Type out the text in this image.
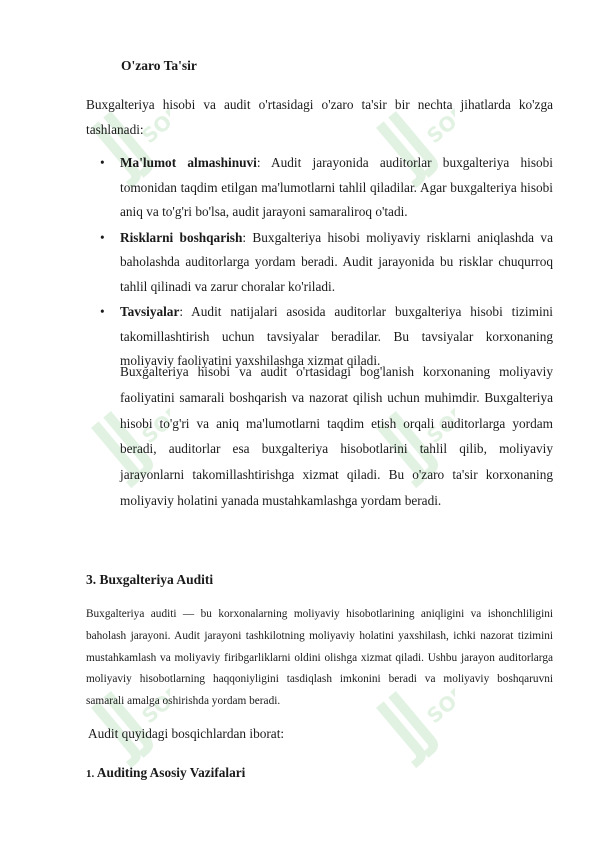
SOFF	SOFF
SOFF	SOFF
SOFF	SOFF
O'zaro Ta'sir
Buxgalteriya hisobi va audit o'rtasidagi o'zaro ta'sir bir nechta jihatlarda ko'zga tashlanadi:
• Ma'lumot almashinuvi: Audit jarayonida auditorlar buxgalteriya hisobi tomonidan taqdim etilgan ma'lumotlarni tahlil qiladilar. Agar buxgalteriya hisobi aniq va to'g'ri bo'lsa, audit jarayoni samaraliroq o'tadi.
• Risklarni boshqarish: Buxgalteriya hisobi moliyaviy risklarni aniqlashda va baholashda auditorlarga yordam beradi. Audit jarayonida bu risklar chuqurroq tahlil qilinadi va zarur choralar ko'riladi.
• Tavsiyalar: Audit natijalari asosida auditorlar buxgalteriya hisobi tizimini takomillashtirish uchun tavsiyalar beradilar. Bu tavsiyalar korxonaning moliyaviy faoliyatini yaxshilashga xizmat qiladi.
Buxgalteriya hisobi va audit o'rtasidagi bog'lanish korxonaning moliyaviy faoliyatini samarali boshqarish va nazorat qilish uchun muhimdir. Buxgalteriya hisobi to'g'ri va aniq ma'lumotlarni taqdim etish orqali auditorlarga yordam beradi, auditorlar esa buxgalteriya hisobotlarini tahlil qilib, moliyaviy jarayonlarni takomillashtirishga xizmat qiladi. Bu o'zaro ta'sir korxonaning moliyaviy holatini yanada mustahkamlashga yordam beradi.
3. Buxgalteriya Auditi
Buxgalteriya auditi — bu korxonalarning moliyaviy hisobotlarining aniqligini va ishonchliligini baholash jarayoni. Audit jarayoni tashkilotning moliyaviy holatini yaxshilash, ichki nazorat tizimini mustahkamlash va moliyaviy firibgarliklarni oldini olishga xizmat qiladi. Ushbu jarayon auditorlarga moliyaviy hisobotlarning haqqoniyligini tasdiqlash imkonini beradi va moliyaviy boshqaruvni samarali amalga oshirishda yordam beradi.
Audit quyidagi bosqichlardan iborat:
1. Auditing Asosiy Vazifalari
